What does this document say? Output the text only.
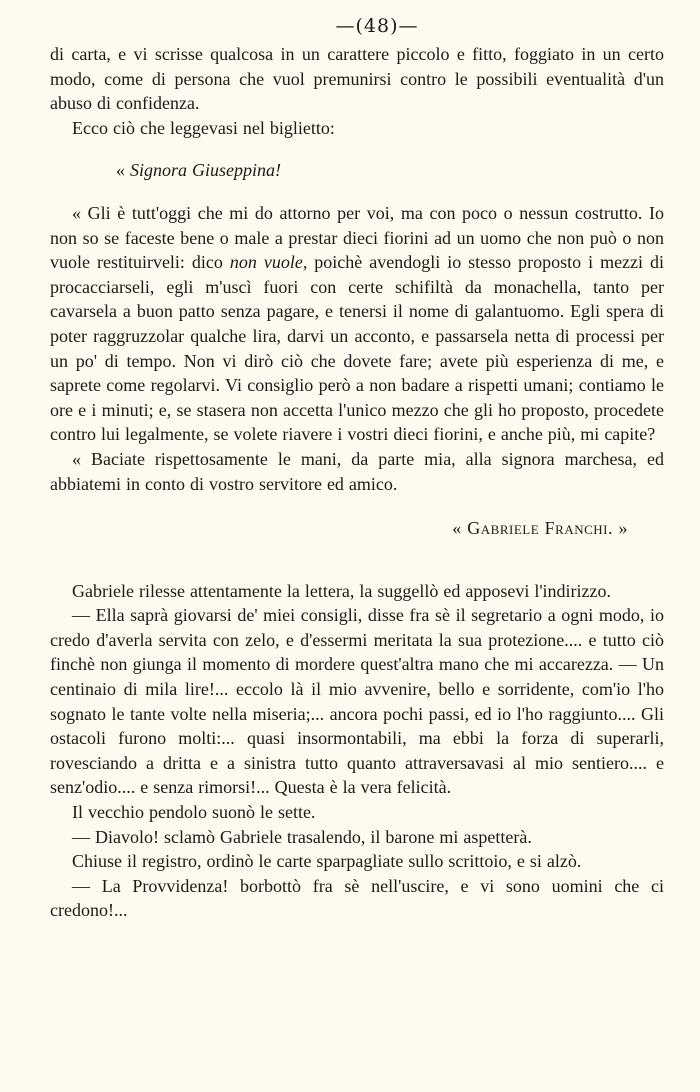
—(48)—

di carta, e vi scrisse qualcosa in un carattere piccolo e fitto, foggiato in un certo modo, come di persona che vuol premunirsi contro le possibili eventualità d'un abuso di confidenza.

Ecco ciò che leggevasi nel biglietto:

« Signora Giuseppina!

« Gli è tutt'oggi che mi do attorno per voi, ma con poco o nessun costrutto. Io non so se faceste bene o male a prestar dieci fiorini ad un uomo che non può o non vuole restituirveli: dico non vuole, poichè avendogli io stesso proposto i mezzi di procacciarseli, egli m'uscì fuori con certe schifiltà da monachella, tanto per cavarsela a buon patto senza pagare, e tenersi il nome di galantuomo. Egli spera di poter raggruzzolar qualche lira, darvi un acconto, e passarsela netta di processi per un po' di tempo. Non vi dirò ciò che dovete fare; avete più esperienza di me, e saprete come regolarvi. Vi consiglio però a non badare a rispetti umani; contiamo le ore e i minuti; e, se stasera non accetta l'unico mezzo che gli ho proposto, procedete contro lui legalmente, se volete riavere i vostri dieci fiorini, e anche più, mi capite?

« Baciate rispettosamente le mani, da parte mia, alla signora marchesa, ed abbiatemi in conto di vostro servitore ed amico.

« Gabriele Franchi. »

Gabriele rilesse attentamente la lettera, la suggellò ed apposevi l'indirizzo.

— Ella saprà giovarsi de' miei consigli, disse fra sè il segretario a ogni modo, io credo d'averla servita con zelo, e d'essermi meritata la sua protezione.... e tutto ciò finchè non giunga il momento di mordere quest'altra mano che mi accarezza. — Un centinaio di mila lire!... eccolo là il mio avvenire, bello e sorridente, com'io l'ho sognato le tante volte nella miseria;... ancora pochi passi, ed io l'ho raggiunto.... Gli ostacoli furono molti:... quasi insormontabili, ma ebbi la forza di superarli, rovesciando a dritta e a sinistra tutto quanto attraversavasi al mio sentiero.... e senz'odio.... e senza rimorsi!... Questa è la vera felicità.

Il vecchio pendolo suonò le sette.

— Diavolo! sclamò Gabriele trasalendo, il barone mi aspetterà.

Chiuse il registro, ordinò le carte sparpagliate sullo scrittoio, e si alzò.

— La Provvidenza! borbottò fra sè nell'uscire, e vi sono uomini che ci credono!...
